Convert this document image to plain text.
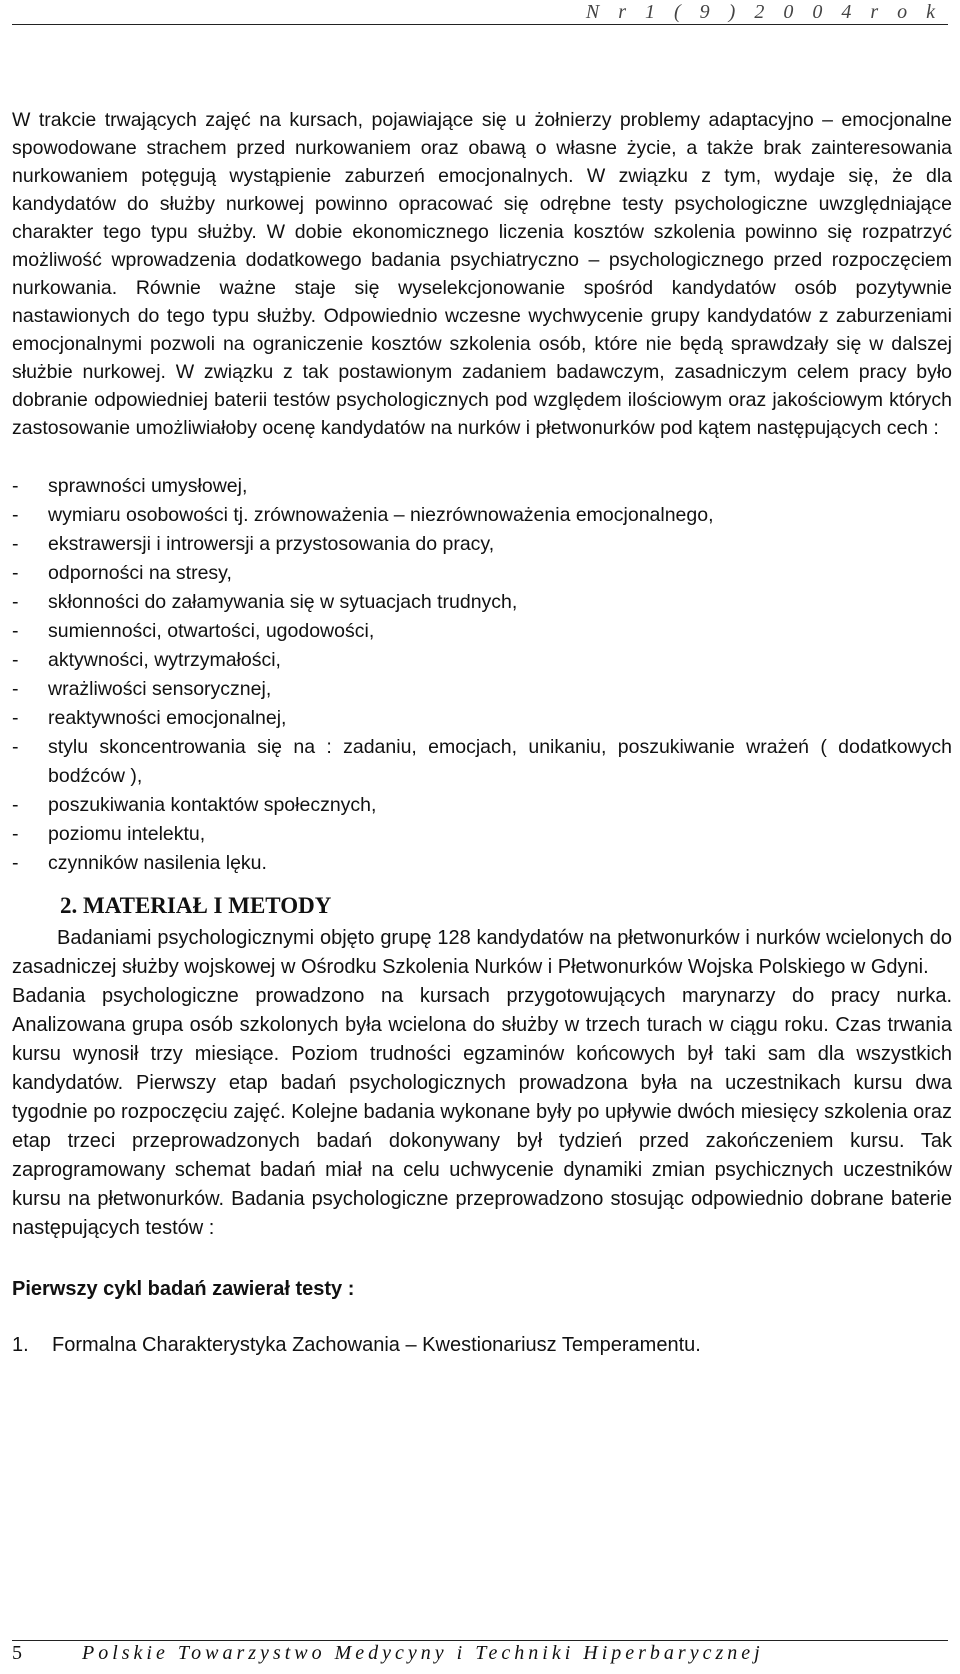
N r 1 ( 9 ) 2 0 0 4 r o k

W trakcie trwających zajęć na kursach, pojawiające się u żołnierzy problemy adaptacyjno – emocjonalne spowodowane strachem przed nurkowaniem oraz obawą o własne życie, a także brak zainteresowania nurkowaniem potęgują wystąpienie zaburzeń emocjonalnych. W związku z tym, wydaje się, że dla kandydatów do służby nurkowej powinno opracować się odrębne testy psychologiczne uwzględniające charakter tego typu służby. W dobie ekonomicznego liczenia kosztów szkolenia powinno się rozpatrzyć możliwość wprowadzenia dodatkowego badania psychiatryczno – psychologicznego przed rozpoczęciem nurkowania. Równie ważne staje się wyselekcjonowanie spośród kandydatów osób pozytywnie nastawionych do tego typu służby. Odpowiednio wczesne wychwycenie grupy kandydatów z zaburzeniami emocjonalnymi pozwoli na ograniczenie kosztów szkolenia osób, które nie będą sprawdzały się w dalszej służbie nurkowej. W związku z tak postawionym zadaniem badawczym, zasadniczym celem pracy było dobranie odpowiedniej baterii testów psychologicznych pod względem ilościowym oraz jakościowym których zastosowanie umożliwiałoby ocenę kandydatów na nurków i płetwonurków pod kątem następujących cech :

- sprawności umysłowej,
- wymiaru osobowości tj. zrównoważenia – niezrównoważenia emocjonalnego,
- ekstrawersji i introwersji a przystosowania do pracy,
- odporności na stresy,
- skłonności do załamywania się w sytuacjach trudnych,
- sumienności, otwartości, ugodowości,
- aktywności, wytrzymałości,
- wrażliwości sensorycznej,
- reaktywności emocjonalnej,
- stylu skoncentrowania się na : zadaniu, emocjach, unikaniu, poszukiwanie wrażeń ( dodatkowych bodźców ),
- poszukiwania kontaktów społecznych,
- poziomu intelektu,
- czynników nasilenia lęku.
2. MATERIAŁ I METODY

Badaniami psychologicznymi objęto grupę 128 kandydatów na płetwonurków i nurków wcielonych do zasadniczej służby wojskowej w Ośrodku Szkolenia Nurków i Płetwonurków Wojska Polskiego w Gdyni.

Badania psychologiczne prowadzono na kursach przygotowujących marynarzy do pracy nurka. Analizowana grupa osób szkolonych była wcielona do służby w trzech turach w ciągu roku. Czas trwania kursu wynosił trzy miesiące. Poziom trudności egzaminów końcowych był taki sam dla wszystkich kandydatów. Pierwszy etap badań psychologicznych prowadzona była na uczestnikach kursu dwa tygodnie po rozpoczęciu zajęć. Kolejne badania wykonane były po upływie dwóch miesięcy szkolenia oraz etap trzeci przeprowadzonych badań dokonywany był tydzień przed zakończeniem kursu. Tak zaprogramowany schemat badań miał na celu uchwycenie dynamiki zmian psychicznych uczestników kursu na płetwonurków. Badania psychologiczne przeprowadzono stosując odpowiednio dobrane baterie następujących testów :

Pierwszy cykl badań zawierał testy :
1. Formalna Charakterystyka Zachowania – Kwestionariusz Temperamentu.
5	Polskie Towarzystwo Medycyny i Techniki Hiperbarycznej
